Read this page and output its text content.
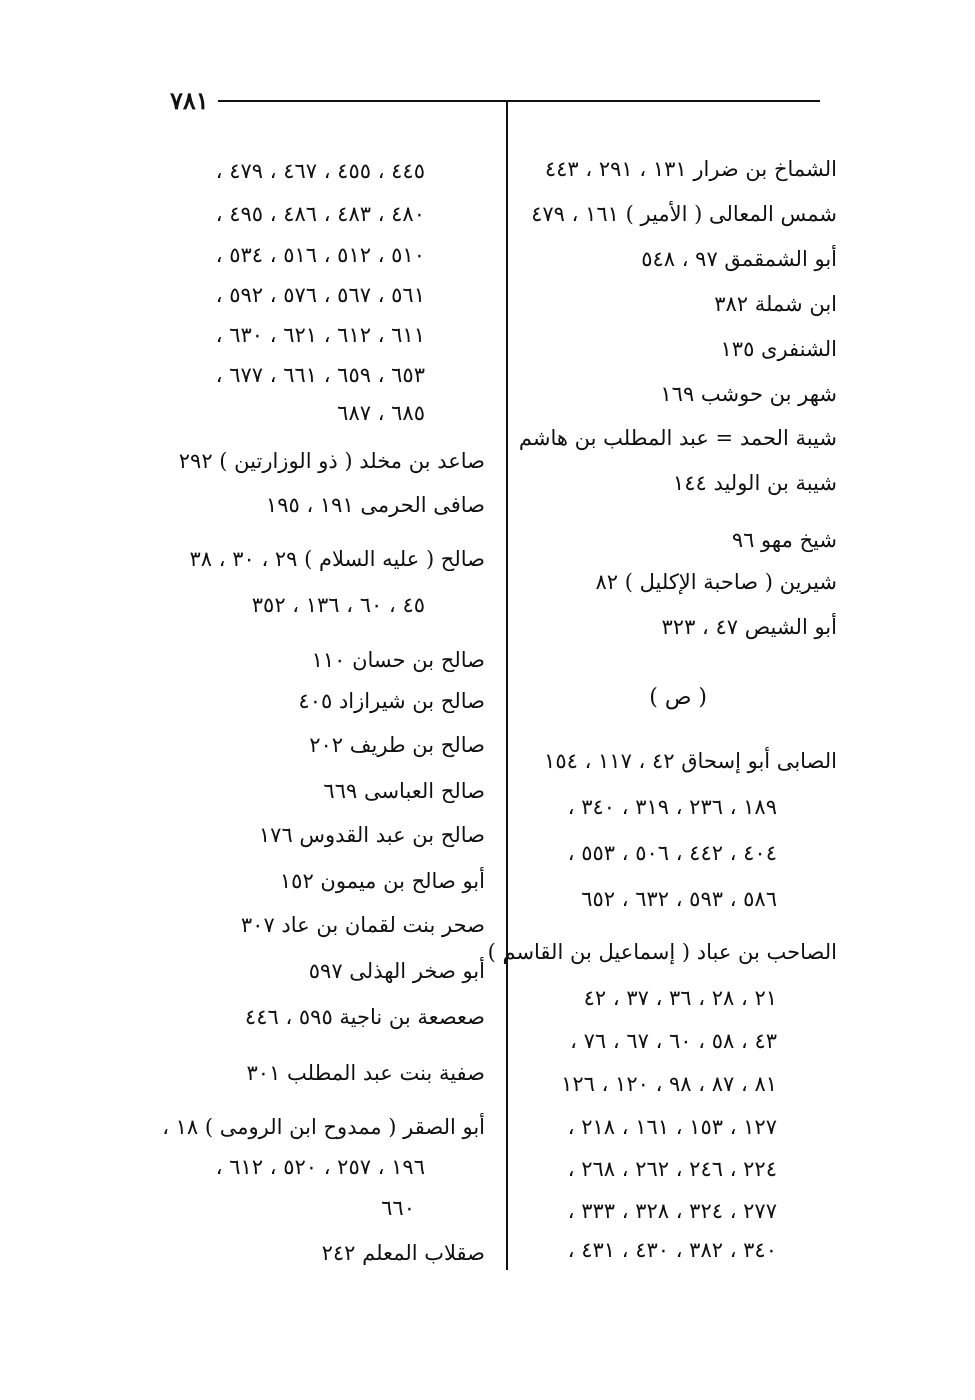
٧٨١
الشماخ بن ضرار ١٣١ ، ٢٩١ ، ٤٤٣
شمس المعالى ( الأمير ) ١٦١ ، ٤٧٩
أبو الشمقمق ٩٧ ، ٥٤٨
ابن شملة ٣٨٢
الشنفرى ١٣٥
شهر بن حوشب ١٦٩
شيبة الحمد = عبد المطلب بن هاشم
شيبة بن الوليد ١٤٤
شيخ مهو ٩٦
شيرين ( صاحبة الإكليل ) ٨٢
أبو الشيص ٤٧ ، ٣٢٣
( ص )
الصابى أبو إسحاق ٤٢ ، ١١٧ ، ١٥٤
١٨٩ ، ٢٣٦ ، ٣١٩ ، ٣٤٠ ،
٤٠٤ ، ٤٤٢ ، ٥٠٦ ، ٥٥٣ ،
٥٨٦ ، ٥٩٣ ، ٦٣٢ ، ٦٥٢
الصاحب بن عباد ( إسماعيل بن القاسم )
٢١ ، ٢٨ ، ٣٦ ، ٣٧ ، ٤٢
٤٣ ، ٥٨ ، ٦٠ ، ٦٧ ، ٧٦ ،
٨١ ، ٨٧ ، ٩٨ ، ١٢٠ ، ١٢٦
١٢٧ ، ١٥٣ ، ١٦١ ، ٢١٨ ،
٢٢٤ ، ٢٤٦ ، ٢٦٢ ، ٢٦٨ ،
٢٧٧ ، ٣٢٤ ، ٣٢٨ ، ٣٣٣ ،
٣٤٠ ، ٣٨٢ ، ٤٣٠ ، ٤٣١ ،
٤٤٥ ، ٤٥٥ ، ٤٦٧ ، ٤٧٩ ،
٤٨٠ ، ٤٨٣ ، ٤٨٦ ، ٤٩٥ ،
٥١٠ ، ٥١٢ ، ٥١٦ ، ٥٣٤ ،
٥٦١ ، ٥٦٧ ، ٥٧٦ ، ٥٩٢ ،
٦١١ ، ٦١٢ ، ٦٢١ ، ٦٣٠ ،
٦٥٣ ، ٦٥٩ ، ٦٦١ ، ٦٧٧ ،
٦٨٥ ، ٦٨٧
صاعد بن مخلد ( ذو الوزارتين ) ٢٩٢
صافى الحرمى ١٩١ ، ١٩٥
صالح ( عليه السلام ) ٢٩ ، ٣٠ ، ٣٨
٤٥ ، ٦٠ ، ١٣٦ ، ٣٥٢
صالح بن حسان ١١٠
صالح بن شيرازاد ٤٠٥
صالح بن طريف ٢٠٢
صالح العباسى ٦٦٩
صالح بن عبد القدوس ١٧٦
أبو صالح بن ميمون ١٥٢
صحر بنت لقمان بن عاد ٣٠٧
أبو صخر الهذلى ٥٩٧
صعصعة بن ناجية ٥٩٥ ، ٤٤٦
صفية بنت عبد المطلب ٣٠١
أبو الصقر ( ممدوح ابن الرومى ) ١٨ ،
١٩٦ ، ٢٥٧ ، ٥٢٠ ، ٦١٢ ،
٦٦٠
صقلاب المعلم ٢٤٢
